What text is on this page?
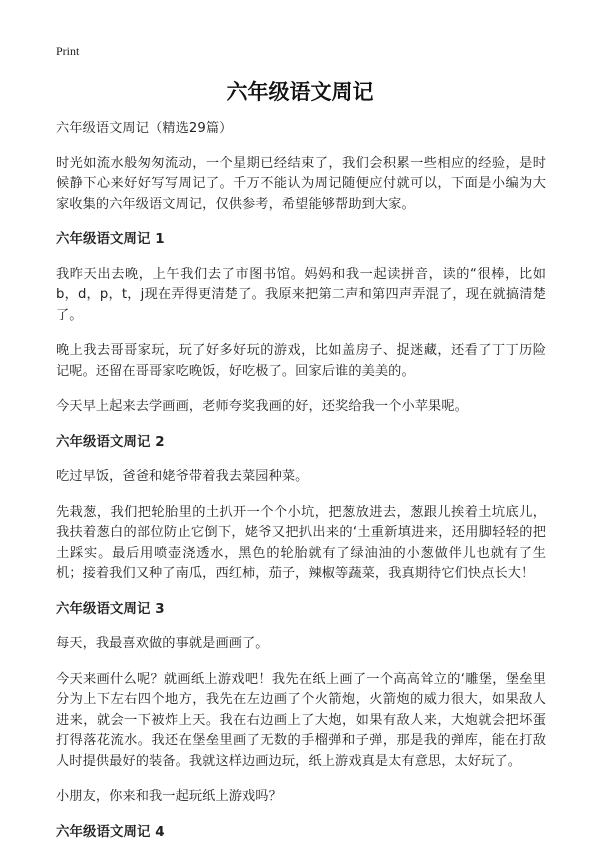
Print
六年级语文周记
六年级语文周记（精选29篇）
时光如流水般匆匆流动，一个星期已经结束了，我们会积累一些相应的经验，是时候静下心来好好写写周记了。千万不能认为周记随便应付就可以，下面是小编为大家收集的六年级语文周记，仅供参考，希望能够帮助到大家。
六年级语文周记 1
我昨天出去晚，上午我们去了市图书馆。妈妈和我一起读拼音，读的“很棒，比如b，d，p，t，j现在弄得更清楚了。我原来把第二声和第四声弄混了，现在就搞清楚了。
晚上我去哥哥家玩，玩了好多好玩的游戏，比如盖房子、捉迷藏，还看了丁丁历险记呢。还留在哥哥家吃晚饭，好吃极了。回家后谁的美美的。
今天早上起来去学画画，老师夸奖我画的好，还奖给我一个小苹果呢。
六年级语文周记 2
吃过早饭，爸爸和姥爷带着我去菜园种菜。
先栽葱，我们把轮胎里的土扒开一个个小坑，把葱放进去，葱跟儿挨着土坑底儿，我扶着葱白的部位防止它倒下，姥爷又把扒出来的‘土重新填进来，还用脚轻轻的把土踩实。最后用喷壶浇透水，黑色的轮胎就有了绿油油的小葱做伴儿也就有了生机；接着我们又种了南瓜，西红柿，茄子，辣椒等蔬菜，我真期待它们快点长大！
六年级语文周记 3
每天，我最喜欢做的事就是画画了。
今天来画什么呢？就画纸上游戏吧！我先在纸上画了一个高高耸立的‘雕堡，堡垒里分为上下左右四个地方，我先在左边画了个火箭炮，火箭炮的威力很大，如果敌人进来，就会一下被炸上天。我在右边画上了大炮，如果有敌人来，大炮就会把坏蛋打得落花流水。我还在堡垒里画了无数的手榴弹和子弹，那是我的弹库，能在打敌人时提供最好的装备。我就这样边画边玩，纸上游戏真是太有意思，太好玩了。
小朋友，你来和我一起玩纸上游戏吗？
六年级语文周记 4
